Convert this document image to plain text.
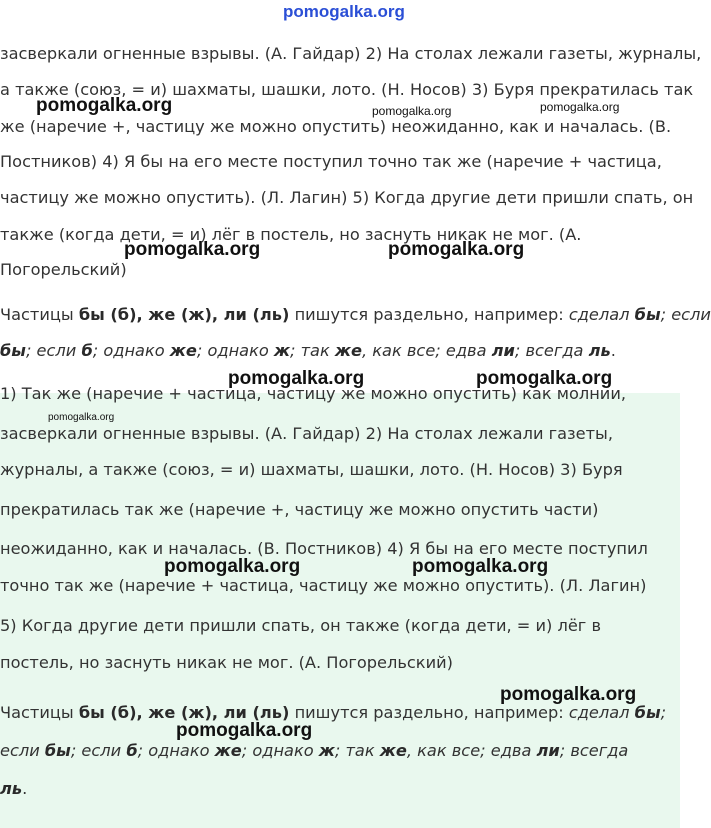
засверкали огненные взрывы. (А. Гайдар) 2) На столах лежали газеты, журналы,
а также (союз, = и) шахматы, шашки, лото. (Н. Носов) 3) Буря прекратилась так
же (наречие +, частицу же можно опустить) неожиданно, как и началась. (В.
Постников) 4) Я бы на его месте поступил точно так же (наречие + частица,
частицу же можно опустить). (Л. Лагин) 5) Когда другие дети пришли спать, он
также (когда дети, = и) лёг в постель, но заснуть никак не мог. (А.
Погорельский)
Частицы бы (б), же (ж), ли (ль) пишутся раздельно, например: сделал бы; если
бы; если б; однако же; однако ж; так же, как все; едва ли; всегда ль.
1) Так же (наречие + частица, частицу же можно опустить) как молнии,
засверкали огненные взрывы. (А. Гайдар) 2) На столах лежали газеты,
журналы, а также (союз, = и) шахматы, шашки, лото. (Н. Носов) 3) Буря
прекратилась так же (наречие +, частицу же можно опустить части)
неожиданно, как и началась. (В. Постников) 4) Я бы на его месте поступил
точно так же (наречие + частица, частицу же можно опустить). (Л. Лагин)
5) Когда другие дети пришли спать, он также (когда дети, = и) лёг в
постель, но заснуть никак не мог. (А. Погорельский)
Частицы бы (б), же (ж), ли (ль) пишутся раздельно, например: сделал бы;
если бы; если б; однако же; однако ж; так же, как все; едва ли; всегда
ль.
pomogalka.org
pomogalka.org	pomogalka.org	pomogalka.org
pomogalka.org	pomogalka.org
pomogalka.org	pomogalka.org
pomogalka.org
pomogalka.org	pomogalka.org
pomogalka.org
pomogalka.org
